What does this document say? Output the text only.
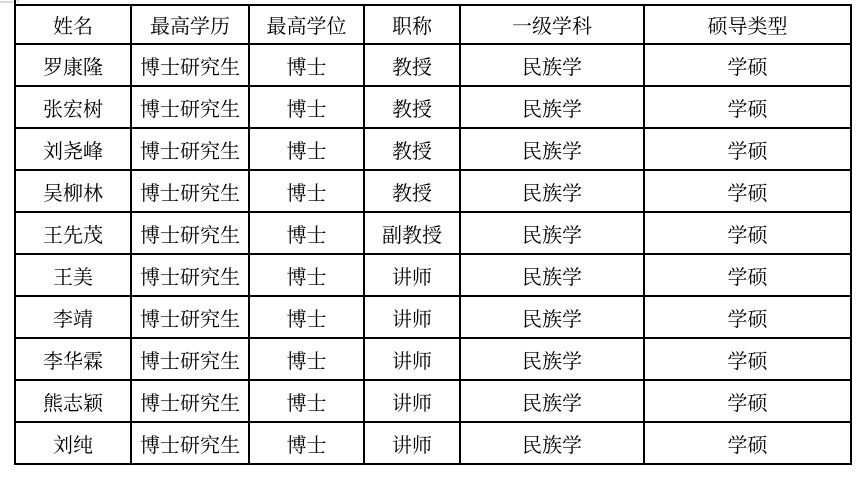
姓名	最高学历	最高学位	职称	一级学科	硕导类型
罗康隆	博士研究生	博士	教授	民族学	学硕
张宏树	博士研究生	博士	教授	民族学	学硕
刘尧峰	博士研究生	博士	教授	民族学	学硕
吴柳林	博士研究生	博士	教授	民族学	学硕
王先茂	博士研究生	博士	副教授	民族学	学硕
王美	博士研究生	博士	讲师	民族学	学硕
李靖	博士研究生	博士	讲师	民族学	学硕
李华霖	博士研究生	博士	讲师	民族学	学硕
熊志颖	博士研究生	博士	讲师	民族学	学硕
刘纯	博士研究生	博士	讲师	民族学	学硕
